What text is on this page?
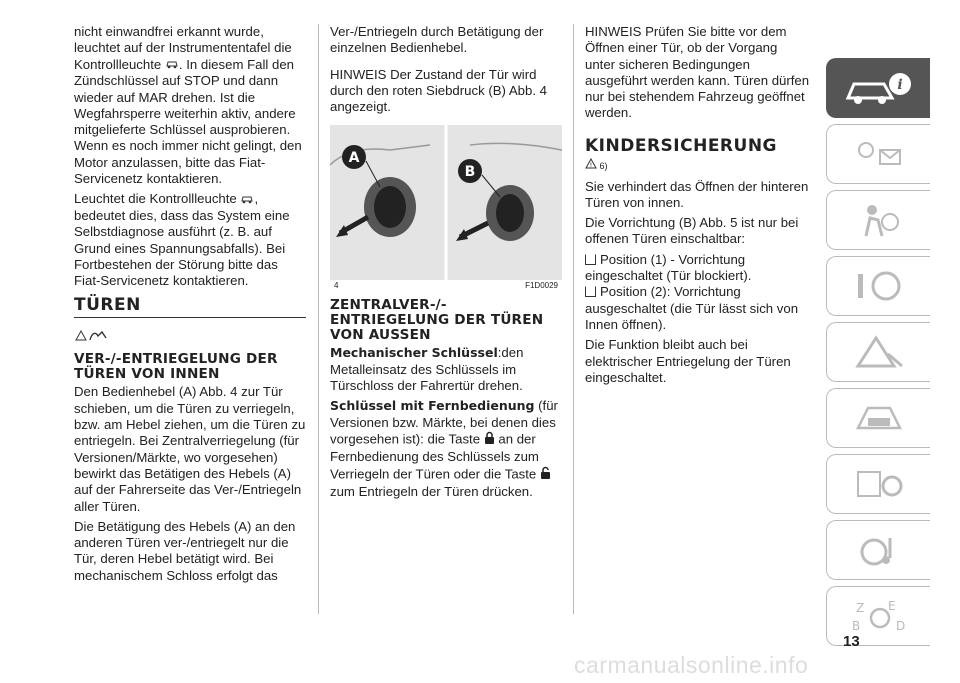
nicht einwandfrei erkannt wurde, leuchtet auf der Instrumententafel die Kontrollleuchte . In diesem Fall den Zündschlüssel auf STOP und dann wieder auf MAR drehen. Ist die Wegfahrsperre weiterhin aktiv, andere mitgelieferte Schlüssel ausprobieren. Wenn es noch immer nicht gelingt, den Motor anzulassen, bitte das Fiat-Servicenetz kontaktieren.

Leuchtet die Kontrollleuchte , bedeutet dies, dass das System eine Selbstdiagnose ausführt (z. B. auf Grund eines Spannungsabfalls). Bei Fortbestehen der Störung bitte das Fiat-Servicenetz kontaktieren.

TÜREN
VER-/-ENTRIEGELUNG DER TÜREN VON INNEN

Den Bedienhebel (A) Abb. 4 zur Tür schieben, um die Türen zu verriegeln, bzw. am Hebel ziehen, um die Türen zu entriegeln. Bei Zentralverriegelung (für Versionen/Märkte, wo vorgesehen) bewirkt das Betätigen des Hebels (A) auf der Fahrerseite das Ver-/Entriegeln aller Türen.

Die Betätigung des Hebels (A) an den anderen Türen ver-/entriegelt nur die Tür, deren Hebel betätigt wird. Bei mechanischem Schloss erfolgt das

Ver-/Entriegeln durch Betätigung der einzelnen Bedienhebel.

HINWEIS Der Zustand der Tür wird durch den roten Siebdruck (B) Abb. 4 angezeigt.

A
B
4	F1D0029
ZENTRALVER-/-ENTRIEGELUNG DER TÜREN VON AUSSEN

Mechanischer Schlüssel:den Metalleinsatz des Schlüssels im Türschloss der Fahrertür drehen.

Schlüssel mit Fernbedienung (für Versionen bzw. Märkte, bei denen dies vorgesehen ist): die Taste an der Fernbedienung des Schlüssels zum Verriegeln der Türen oder die Taste  zum Entriegeln der Türen drücken.

HINWEIS Prüfen Sie bitte vor dem Öffnen einer Tür, ob der Vorgang unter sicheren Bedingungen ausgeführt werden kann. Türen dürfen nur bei stehendem Fahrzeug geöffnet werden.

KINDERSICHERUNG
! 6)

Sie verhindert das Öffnen der hinteren Türen von innen.

Die Vorrichtung (B) Abb. 5 ist nur bei offenen Türen einschaltbar:

Position (1) - Vorrichtung eingeschaltet (Tür blockiert).

Position (2): Vorrichtung ausgeschaltet (die Tür lässt sich von Innen öffnen).

Die Funktion bleibt auch bei elektrischer Entriegelung der Türen eingeschaltet.

i
Z E
B	D
13
carmanualsonline.info
